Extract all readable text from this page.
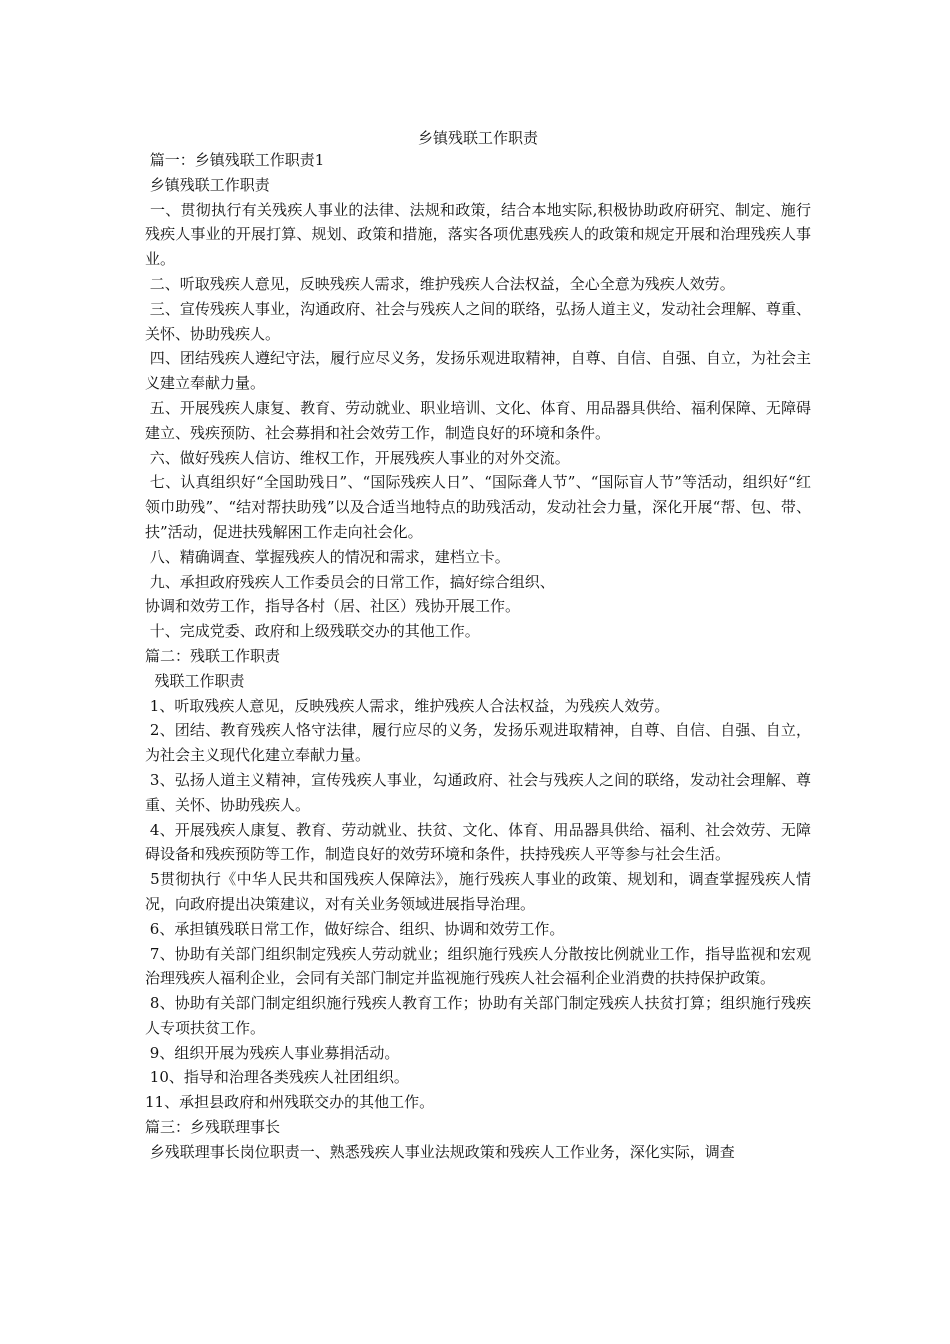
乡镇残联工作职责
篇一：乡镇残联工作职责1
乡镇残联工作职责
一、贯彻执行有关残疾人事业的法律、法规和政策，结合本地实际,积极协助政府研究、制定、施行残疾人事业的开展打算、规划、政策和措施，落实各项优惠残疾人的政策和规定开展和治理残疾人事业。
二、听取残疾人意见，反映残疾人需求，维护残疾人合法权益，全心全意为残疾人效劳。
三、宣传残疾人事业，沟通政府、社会与残疾人之间的联络，弘扬人道主义，发动社会理解、尊重、关怀、协助残疾人。
四、团结残疾人遵纪守法，履行应尽义务，发扬乐观进取精神，自尊、自信、自强、自立，为社会主义建立奉献力量。
五、开展残疾人康复、教育、劳动就业、职业培训、文化、体育、用品器具供给、福利保障、无障碍建立、残疾预防、社会募捐和社会效劳工作，制造良好的环境和条件。
六、做好残疾人信访、维权工作，开展残疾人事业的对外交流。
七、认真组织好“全国助残日”、“国际残疾人日”、“国际聋人节”、“国际盲人节”等活动，组织好“红领巾助残”、“结对帮扶助残”以及合适当地特点的助残活动，发动社会力量，深化开展“帮、包、带、扶”活动，促进扶残解困工作走向社会化。
八、精确调查、掌握残疾人的情况和需求，建档立卡。
九、承担政府残疾人工作委员会的日常工作，搞好综合组织、
协调和效劳工作，指导各村（居、社区）残协开展工作。
十、完成党委、政府和上级残联交办的其他工作。
篇二：残联工作职责
残联工作职责
1、听取残疾人意见，反映残疾人需求，维护残疾人合法权益，为残疾人效劳。
2、团结、教育残疾人恪守法律，履行应尽的义务，发扬乐观进取精神，自尊、自信、自强、自立，为社会主义现代化建立奉献力量。
3、弘扬人道主义精神，宣传残疾人事业，勾通政府、社会与残疾人之间的联络，发动社会理解、尊重、关怀、协助残疾人。
4、开展残疾人康复、教育、劳动就业、扶贫、文化、体育、用品器具供给、福利、社会效劳、无障碍设备和残疾预防等工作，制造良好的效劳环境和条件，扶持残疾人平等参与社会生活。
5贯彻执行《中华人民共和国残疾人保障法》，施行残疾人事业的政策、规划和，调查掌握残疾人情况，向政府提出决策建议，对有关业务领域进展指导治理。
6、承担镇残联日常工作，做好综合、组织、协调和效劳工作。
7、协助有关部门组织制定残疾人劳动就业；组织施行残疾人分散按比例就业工作，指导监视和宏观治理残疾人福利企业，会同有关部门制定并监视施行残疾人社会福利企业消费的扶持保护政策。
8、协助有关部门制定组织施行残疾人教育工作；协助有关部门制定残疾人扶贫打算；组织施行残疾人专项扶贫工作。
9、组织开展为残疾人事业募捐活动。
10、指导和治理各类残疾人社团组织。
11、承担县政府和州残联交办的其他工作。
篇三：乡残联理事长
乡残联理事长岗位职责一、熟悉残疾人事业法规政策和残疾人工作业务，深化实际，调查
